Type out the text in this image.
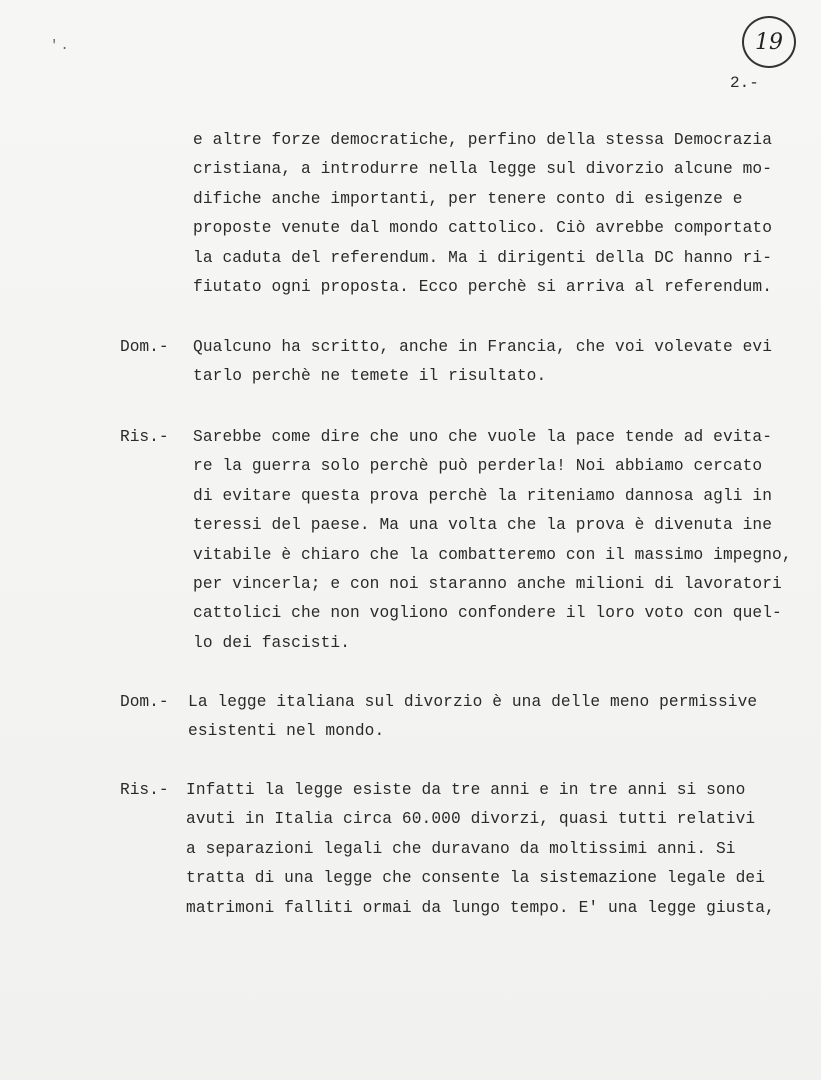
19
'.
2.-
e altre forze democratiche, perfino della stessa Democrazia
cristiana, a introdurre nella legge sul divorzio alcune mo-
difiche anche importanti, per tenere conto di esigenze e
proposte venute dal mondo cattolico. Ciò avrebbe comportato
la caduta del referendum. Ma i dirigenti della DC hanno ri-
fiutato ogni proposta. Ecco perchè si arriva al referendum.
Dom.- Qualcuno ha scritto, anche in Francia, che voi volevate evi
tarlo perchè ne temete il risultato.
Ris.- Sarebbe come dire che uno che vuole la pace tende ad evita-
re la guerra solo perchè può perderla! Noi abbiamo cercato
di evitare questa prova perchè la riteniamo dannosa agli in
teressi del paese. Ma una volta che la prova è divenuta ine
vitabile è chiaro che la combatteremo con il massimo impegno,
per vincerla; e con noi staranno anche milioni di lavoratori
cattolici che non vogliono confondere il loro voto con quel-
lo dei fascisti.
Dom.- La legge italiana sul divorzio è una delle meno permissive
esistenti nel mondo.
Ris.- Infatti la legge esiste da tre anni e in tre anni si sono
avuti in Italia circa 60.000 divorzi, quasi tutti relativi
a separazioni legali che duravano da moltissimi anni. Si
tratta di una legge che consente la sistemazione legale dei
matrimoni falliti ormai da lungo tempo. E' una legge giusta,
